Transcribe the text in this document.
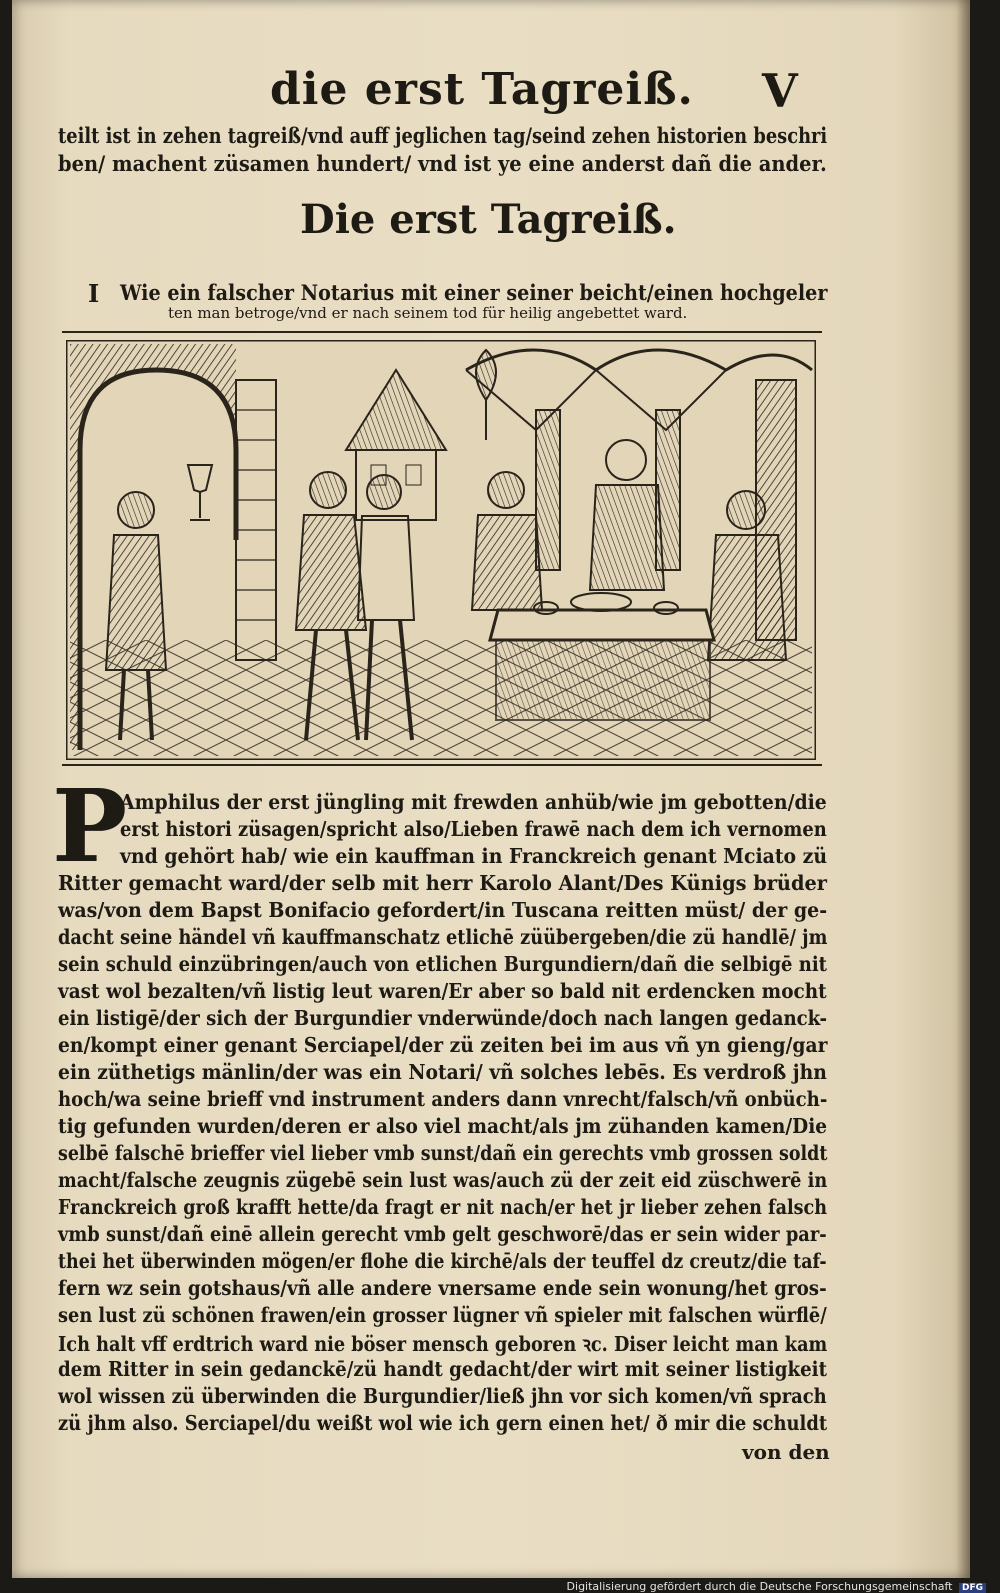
die erst Tagreiß. V
teilt ist in zehen tagreiß/vnd auff jeglichen tag/seind zehen historien beschri
ben/ machent züsamen hundert/ vnd ist ye eine anderst dañ die ander.
Die erst Tagreiß.
I Wie ein falscher Notarius mit einer seiner beicht/einen hochgeler
ten man betroge/vnd er nach seinem tod für heilig angebettet ward.
P
Amphilus der erst jüngling mit frewden anhüb/wie jm gebotten/die
erst histori züsagen/spricht also/Lieben frawē nach dem ich vernomen
vnd gehört hab/ wie ein kauffman in Franckreich genant Mciato zü
Ritter gemacht ward/der selb mit herr Karolo Alant/Des Künigs brüder
was/von dem Bapst Bonifacio gefordert/in Tuscana reitten müst/ der ge-
dacht seine händel vñ kauffmanschatz etlichē züübergeben/die zü handlē/ jm
sein schuld einzübringen/auch von etlichen Burgundiern/dañ die selbigē nit
vast wol bezalten/vñ listig leut waren/Er aber so bald nit erdencken mocht
ein listigē/der sich der Burgundier vnderwünde/doch nach langen gedanck-
en/kompt einer genant Serciapel/der zü zeiten bei im aus vñ yn gieng/gar
ein züthetigs mänlin/der was ein Notari/ vñ solches lebēs. Es verdroß jhn
hoch/wa seine brieff vnd instrument anders dann vnrecht/falsch/vñ onbüch-
tig gefunden wurden/deren er also viel macht/als jm zühanden kamen/Die
selbē falschē brieffer viel lieber vmb sunst/dañ ein gerechts vmb grossen soldt
macht/falsche zeugnis zügebē sein lust was/auch zü der zeit eid züschwerē in
Franckreich groß krafft hette/da fragt er nit nach/er het jr lieber zehen falsch
vmb sunst/dañ einē allein gerecht vmb gelt geschworē/das er sein wider par-
thei het überwinden mögen/er flohe die kirchē/als der teuffel dz creutz/die taf-
fern wz sein gotshaus/vñ alle andere vnersame ende sein wonung/het gros-
sen lust zü schönen frawen/ein grosser lügner vñ spieler mit falschen würflē/
Ich halt vff erdtrich ward nie böser mensch geboren ꝛc. Diser leicht man kam
dem Ritter in sein gedanckē/zü handt gedacht/der wirt mit seiner listigkeit
wol wissen zü überwinden die Burgundier/ließ jhn vor sich komen/vñ sprach
zü jhm also. Serciapel/du weißt wol wie ich gern einen het/ ð mir die schuldt
von den
Digitalisierung gefördert durch die Deutsche Forschungsgemeinschaft DFG
